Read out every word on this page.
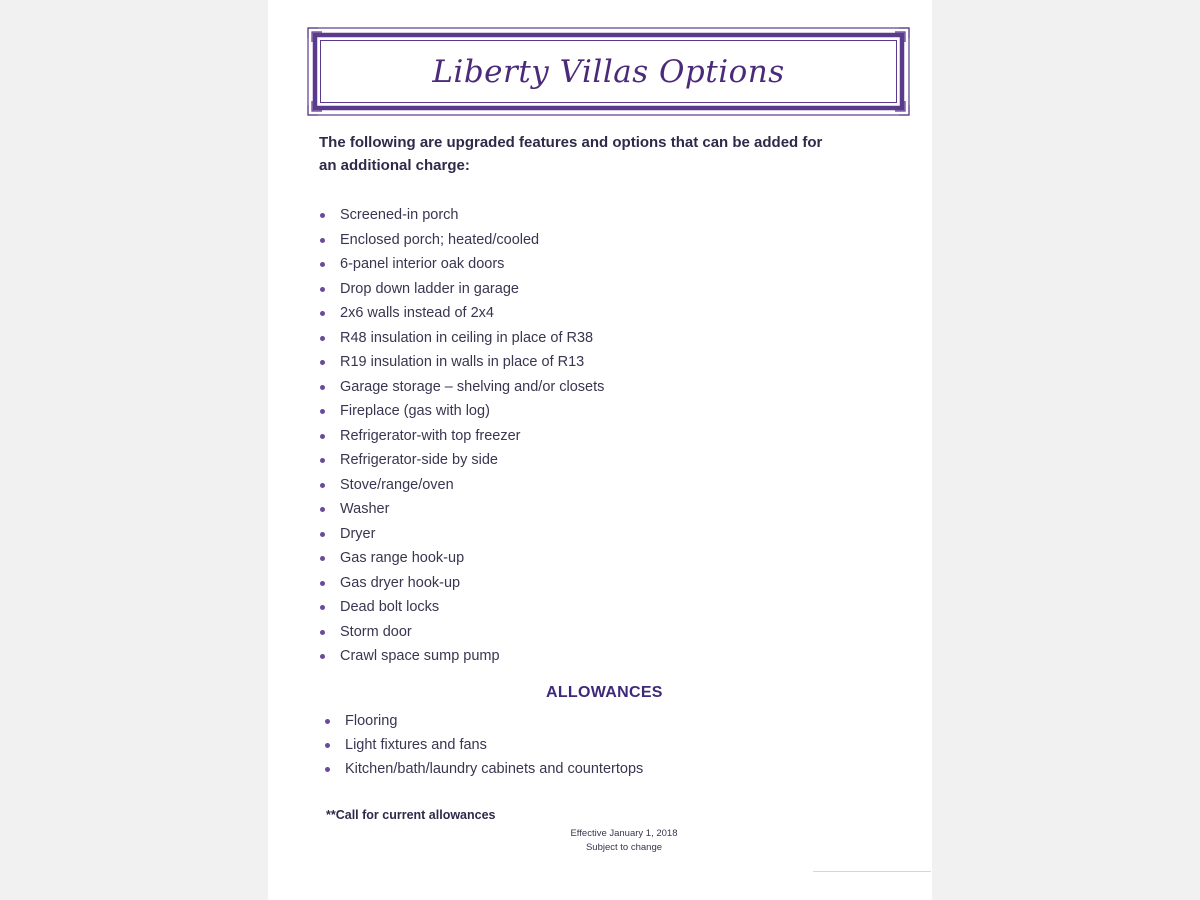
Liberty Villas Options
The following are upgraded features and options that can be added for an additional charge:
Screened-in porch
Enclosed porch; heated/cooled
6-panel interior oak doors
Drop down ladder in garage
2x6 walls instead of 2x4
R48 insulation in ceiling in place of R38
R19 insulation in walls in place of R13
Garage storage – shelving and/or closets
Fireplace (gas with log)
Refrigerator-with top freezer
Refrigerator-side by side
Stove/range/oven
Washer
Dryer
Gas range hook-up
Gas dryer hook-up
Dead bolt locks
Storm door
Crawl space sump pump
ALLOWANCES
Flooring
Light fixtures and fans
Kitchen/bath/laundry cabinets and countertops
**Call for current allowances
Effective January 1, 2018
Subject to change
